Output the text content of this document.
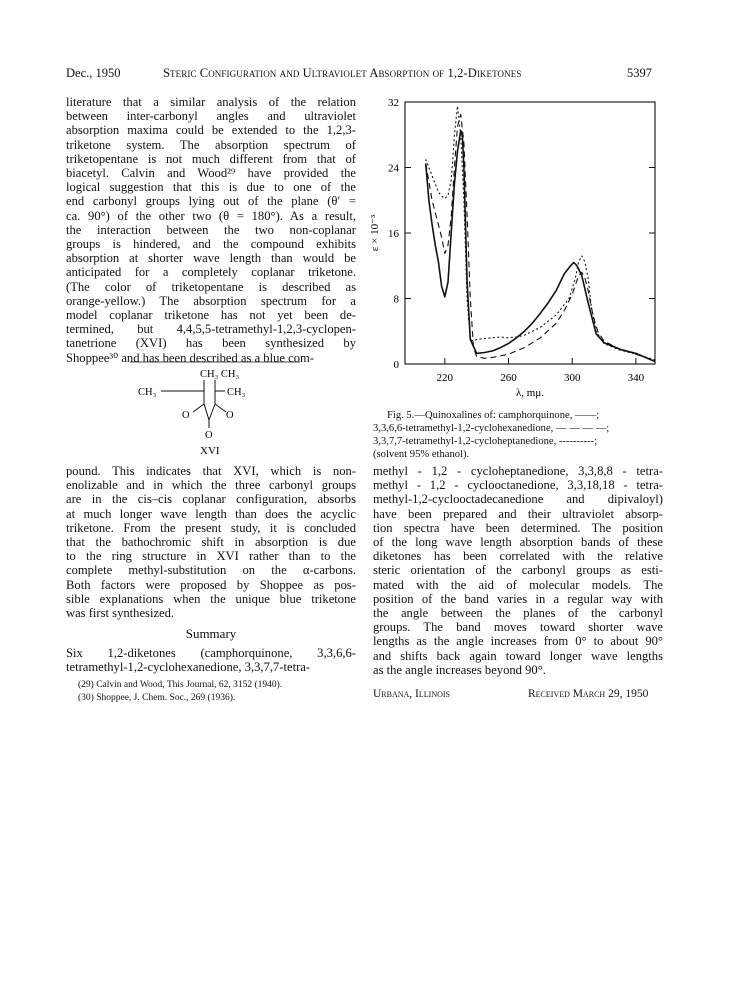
Dec., 1950	Steric Configuration and Ultraviolet Absorption of 1,2-Diketones	5397
literature that a similar analysis of the relation
between inter-carbonyl angles and ultraviolet
absorption maxima could be extended to the 1,2,3-
triketone system. The absorption spectrum of
triketopentane is not much different from that of
biacetyl. Calvin and Wood²⁹ have provided the
logical suggestion that this is due to one of the
end carbonyl groups lying out of the plane (θ′ =
ca. 90°) of the other two (θ = 180°). As a result,
the interaction between the two non-coplanar
groups is hindered, and the compound exhibits
absorption at shorter wave length than would be
anticipated for a completely coplanar triketone.
(The color of triketopentane is described as
orange-yellow.) The absorption spectrum for a
model coplanar triketone has not yet been de-
termined, but 4,4,5,5-tetramethyl-1,2,3-cyclopen-
tanetrione (XVI) has been synthesized by
Shoppee³⁰ and has been described as a blue com-
CH₃ CH₃
CH₃	CH₃
O	O
O
XVI
pound. This indicates that XVI, which is non-
enolizable and in which the three carbonyl groups
are in the cis–cis coplanar configuration, absorbs
at much longer wave length than does the acyclic
triketone. From the present study, it is concluded
that the bathochromic shift in absorption is due
to the ring structure in XVI rather than to the
complete methyl-substitution on the α-carbons.
Both factors were proposed by Shoppee as pos-
sible explanations when the unique blue triketone
was first synthesized.
Summary
Six 1,2-diketones (camphorquinone, 3,3,6,6-
tetramethyl-1,2-cyclohexanedione, 3,3,7,7-tetra-
(29) Calvin and Wood, This Journal, 62, 3152 (1940).
(30) Shoppee, J. Chem. Soc., 269 (1936).
0
8
16
24
32
220	260	300	340
λ, mμ.
ε × 10⁻³
Fig. 5.—Quinoxalines of: camphorquinone, ——;
3,3,6,6-tetramethyl-1,2-cyclohexanedione, — — — —;
3,3,7,7-tetramethyl-1,2-cycloheptanedione, ----------;
(solvent 95% ethanol).
methyl - 1,2 - cycloheptanedione, 3,3,8,8 - tetra-
methyl - 1,2 - cyclooctanedione, 3,3,18,18 - tetra-
methyl-1,2-cyclooctadecanedione and dipivaloyl)
have been prepared and their ultraviolet absorp-
tion spectra have been determined. The position
of the long wave length absorption bands of these
diketones has been correlated with the relative
steric orientation of the carbonyl groups as esti-
mated with the aid of molecular models. The
position of the band varies in a regular way with
the angle between the planes of the carbonyl
groups. The band moves toward shorter wave
lengths as the angle increases from 0° to about 90°
and shifts back again toward longer wave lengths
as the angle increases beyond 90°.
Urbana, Illinois	Received March 29, 1950
